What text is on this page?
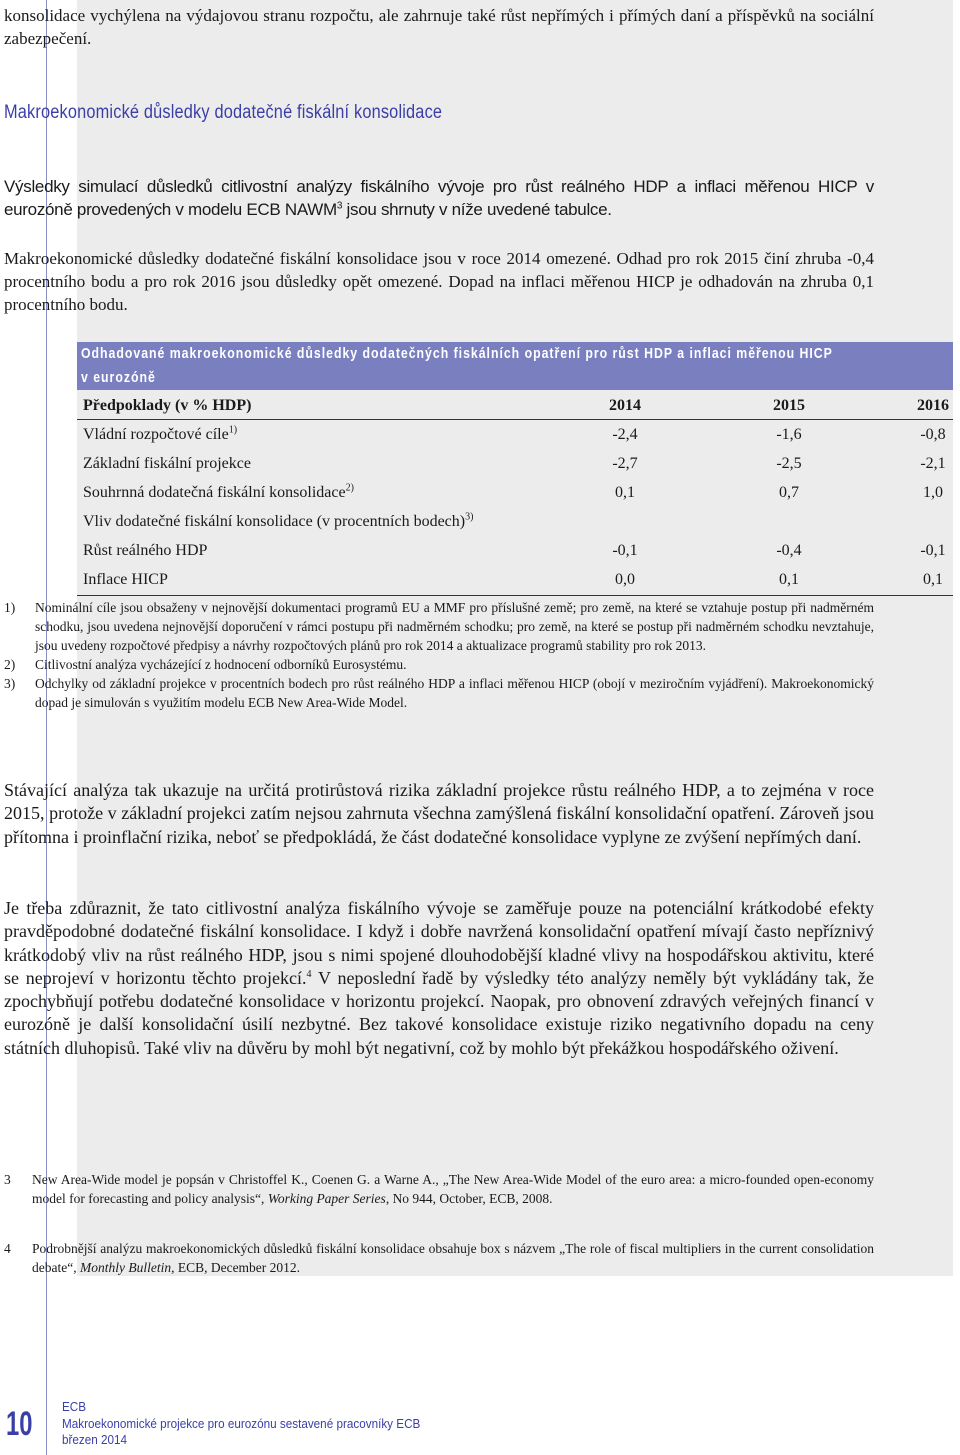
konsolidace vychýlena na výdajovou stranu rozpočtu, ale zahrnuje také růst nepřímých i přímých daní a příspěvků na sociální zabezpečení.

Makroekonomické důsledky dodatečné fiskální konsolidace

Výsledky simulací důsledků citlivostní analýzy fiskálního vývoje pro růst reálného HDP a inflaci měřenou HICP v eurozóně provedených v modelu ECB NAWM$^3$ jsou shrnuty v níže uvedené tabulce.

Makroekonomické důsledky dodatečné fiskální konsolidace jsou v roce 2014 omezené. Odhad pro rok 2015 činí zhruba -0,4 procentního bodu a pro rok 2016 jsou důsledky opět omezené. Dopad na inflaci měřenou HICP je odhadován na zhruba 0,1 procentního bodu.

Odhadované makroekonomické důsledky dodatečných fiskálních opatření pro růst HDP a inflaci měřenou HICP
v eurozóně
Předpoklady (v % HDP)	2014	2015	2016
Vládní rozpočtové cíle$^{1)}$	-2,4	-1,6	-0,8
Základní fiskální projekce	-2,7	-2,5	-2,1
Souhrnná dodatečná fiskální konsolidace$^{2)}$	0,1	0,7	1,0
Vliv dodatečné fiskální konsolidace (v procentních bodech)$^{3)}$
Růst reálného HDP	-0,1	-0,4	-0,1
Inflace HICP	0,0	0,1	0,1
1) Nominální cíle jsou obsaženy v nejnovější dokumentaci programů EU a MMF pro příslušné země; pro země, na které se vztahuje postup při nadměrném schodku, jsou uvedena nejnovější doporučení v rámci postupu při nadměrném schodku; pro země, na které se postup při nadměrném schodku nevztahuje, jsou uvedeny rozpočtové předpisy a návrhy rozpočtových plánů pro rok 2014 a aktualizace programů stability pro rok 2013.
2) Citlivostní analýza vycházející z hodnocení odborníků Eurosystému.
3) Odchylky od základní projekce v procentních bodech pro růst reálného HDP a inflaci měřenou HICP (obojí v meziročním vyjádření). Makroekonomický dopad je simulován s využitím modelu ECB New Area-Wide Model.

Stávající analýza tak ukazuje na určitá protirůstová rizika základní projekce růstu reálného HDP, a to zejména v roce 2015, protože v základní projekci zatím nejsou zahrnuta všechna zamýšlená fiskální konsolidační opatření. Zároveň jsou přítomna i proinflační rizika, neboť se předpokládá, že část dodatečné konsolidace vyplyne ze zvýšení nepřímých daní.

Je třeba zdůraznit, že tato citlivostní analýza fiskálního vývoje se zaměřuje pouze na potenciální krátkodobé efekty pravděpodobné dodatečné fiskální konsolidace. I když i dobře navržená konsolidační opatření mívají často nepříznivý krátkodobý vliv na růst reálného HDP, jsou s nimi spojené dlouhodobější kladné vlivy na hospodářskou aktivitu, které se neprojeví v horizontu těchto projekcí.$^4$ V neposlední řadě by výsledky této analýzy neměly být vykládány tak, že zpochybňují potřebu dodatečné konsolidace v horizontu projekcí. Naopak, pro obnovení zdravých veřejných financí v eurozóně je další konsolidační úsilí nezbytné. Bez takové konsolidace existuje riziko negativního dopadu na ceny státních dluhopisů. Také vliv na důvěru by mohl být negativní, což by mohlo být překážkou hospodářského oživení.

3 New Area-Wide model je popsán v Christoffel K., Coenen G. a Warne A., „The New Area-Wide Model of the euro area: a micro-founded open-economy model for forecasting and policy analysis“, Working Paper Series, No 944, October, ECB, 2008.
4 Podrobnější analýzu makroekonomických důsledků fiskální konsolidace obsahuje box s názvem „The role of fiscal multipliers in the current consolidation debate“, Monthly Bulletin, ECB, December 2012.
10 ECB
Makroekonomické projekce pro eurozónu sestavené pracovníky ECB
březen 2014
